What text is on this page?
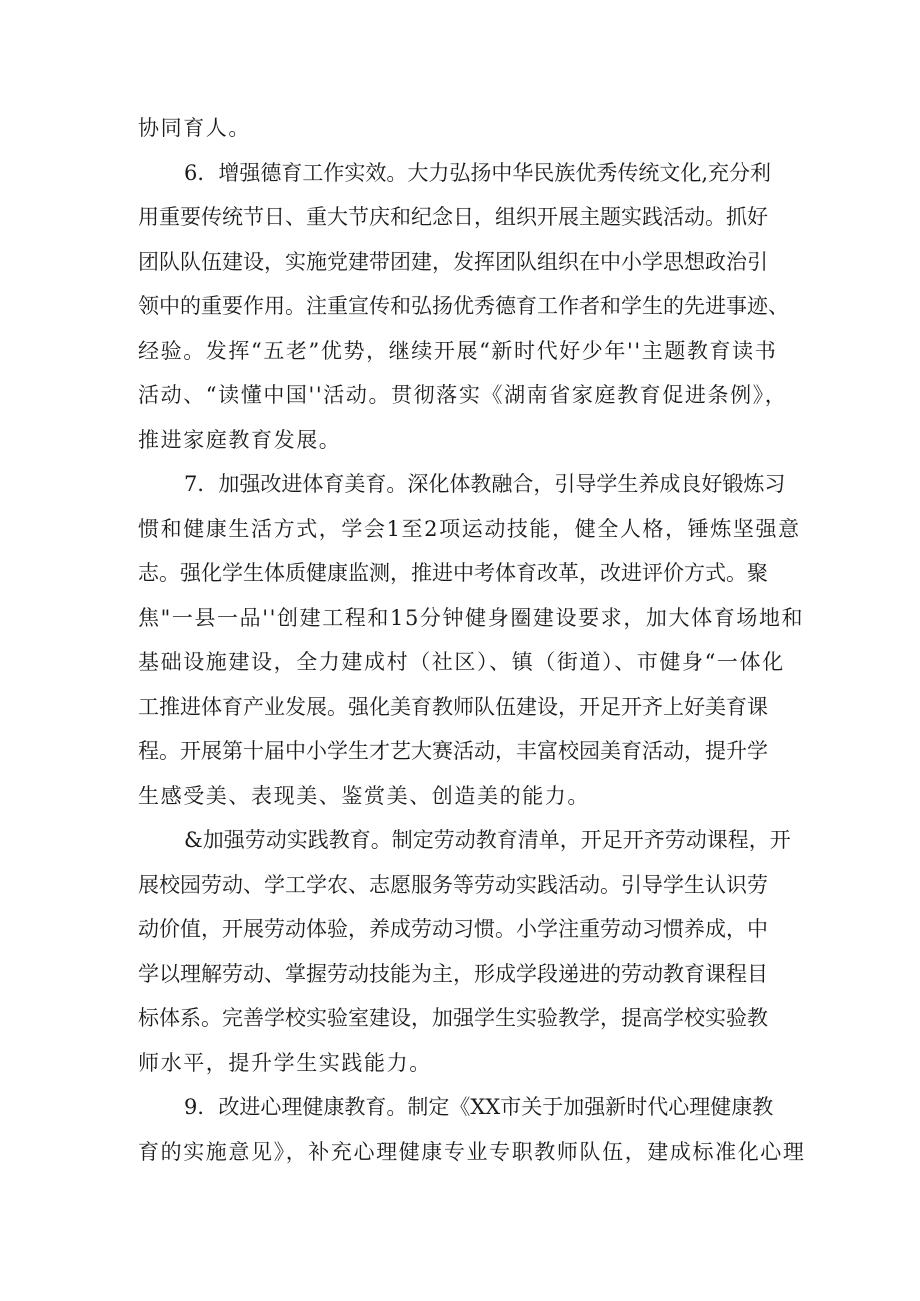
协同育人。
6．增强德育工作实效。大力弘扬中华民族优秀传统文化,充分利
用重要传统节日、重大节庆和纪念日，组织开展主题实践活动。抓好
团队队伍建设，实施党建带团建，发挥团队组织在中小学思想政治引
领中的重要作用。注重宣传和弘扬优秀德育工作者和学生的先进事迹、
经验。发挥“五老”优势，继续开展“新时代好少年''主题教育读书
活动、“读懂中国''活动。贯彻落实《湖南省家庭教育促进条例》，
推进家庭教育发展。
7．加强改进体育美育。深化体教融合，引导学生养成良好锻炼习
惯和健康生活方式，学会1至2项运动技能，健全人格，锤炼坚强意
志。强化学生体质健康监测，推进中考体育改革，改进评价方式。聚
焦"一县一品''创建工程和15分钟健身圈建设要求，加大体育场地和
基础设施建设，全力建成村（社区）、镇（街道）、市健身“一体化
工推进体育产业发展。强化美育教师队伍建设，开足开齐上好美育课
程。开展第十届中小学生才艺大赛活动，丰富校园美育活动，提升学
生感受美、表现美、鉴赏美、创造美的能力。
&加强劳动实践教育。制定劳动教育清单，开足开齐劳动课程，开
展校园劳动、学工学农、志愿服务等劳动实践活动。引导学生认识劳
动价值，开展劳动体验，养成劳动习惯。小学注重劳动习惯养成，中
学以理解劳动、掌握劳动技能为主，形成学段递进的劳动教育课程目
标体系。完善学校实验室建设，加强学生实验教学，提高学校实验教
师水平，提升学生实践能力。
9．改进心理健康教育。制定《XX市关于加强新时代心理健康教
育的实施意见》，补充心理健康专业专职教师队伍，建成标准化心理
